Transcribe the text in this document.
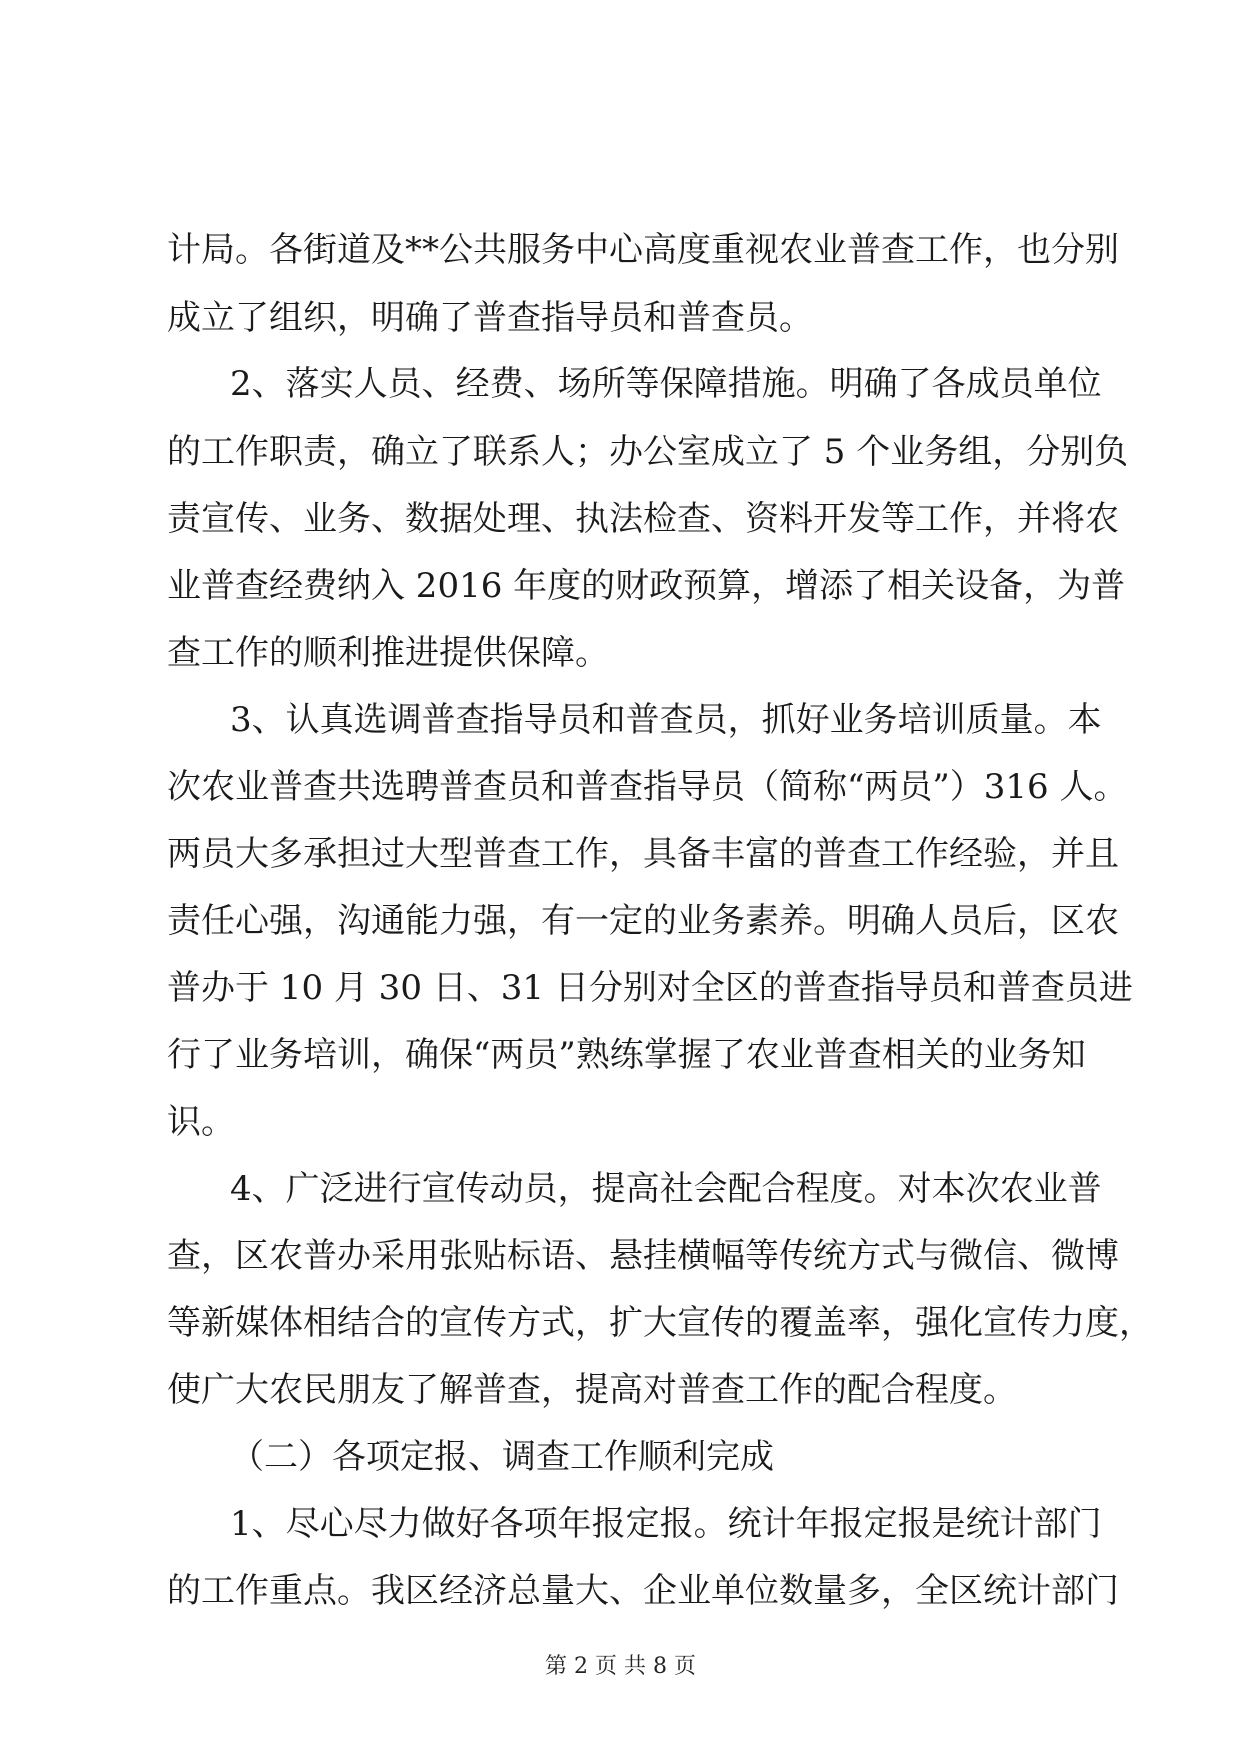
计局。各街道及**公共服务中心高度重视农业普查工作，也分别
成立了组织，明确了普查指导员和普查员。
2、落实人员、经费、场所等保障措施。明确了各成员单位
的工作职责，确立了联系人；办公室成立了 5 个业务组，分别负
责宣传、业务、数据处理、执法检查、资料开发等工作，并将农
业普查经费纳入 2016 年度的财政预算，增添了相关设备，为普
查工作的顺利推进提供保障。
3、认真选调普查指导员和普查员，抓好业务培训质量。本
次农业普查共选聘普查员和普查指导员（简称“两员”）316 人。
两员大多承担过大型普查工作，具备丰富的普查工作经验，并且
责任心强，沟通能力强，有一定的业务素养。明确人员后，区农
普办于 10 月 30 日、31 日分别对全区的普查指导员和普查员进
行了业务培训，确保“两员”熟练掌握了农业普查相关的业务知
识。
4、广泛进行宣传动员，提高社会配合程度。对本次农业普
查，区农普办采用张贴标语、悬挂横幅等传统方式与微信、微博
等新媒体相结合的宣传方式，扩大宣传的覆盖率，强化宣传力度，
使广大农民朋友了解普查，提高对普查工作的配合程度。
（二）各项定报、调查工作顺利完成
1、尽心尽力做好各项年报定报。统计年报定报是统计部门
的工作重点。我区经济总量大、企业单位数量多，全区统计部门
第 2 页 共 8 页
